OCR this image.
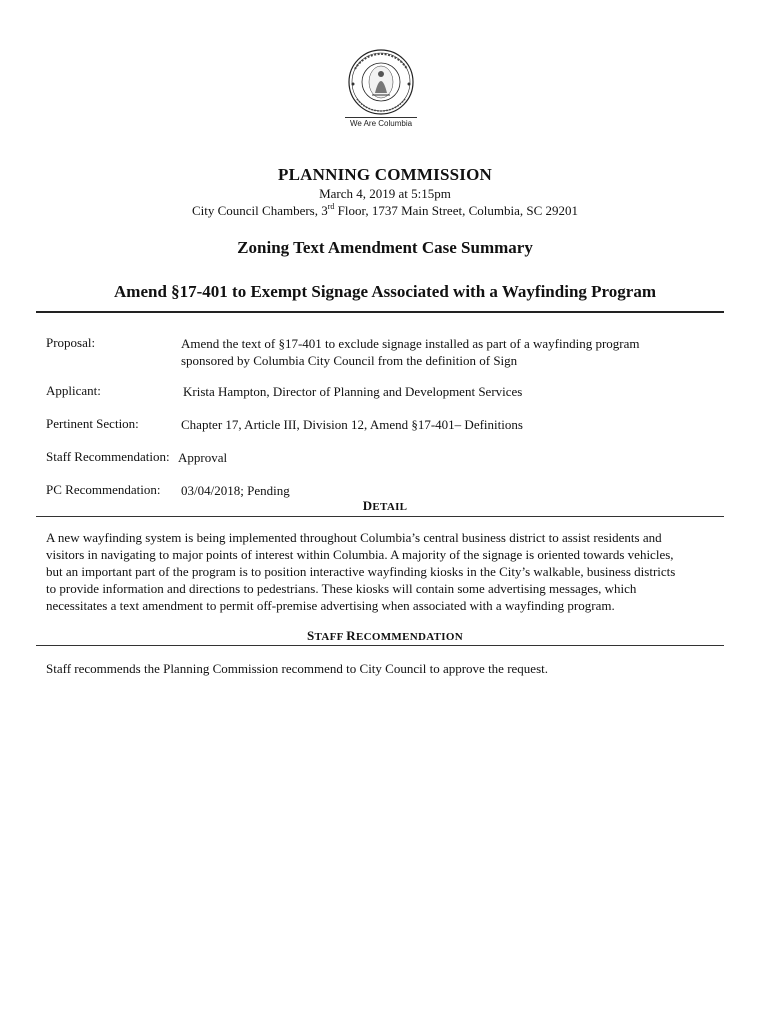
We Are Columbia
PLANNING COMMISSION
March 4, 2019 at 5:15pm
City Council Chambers, 3rd Floor, 1737 Main Street, Columbia, SC 29201
Zoning Text Amendment Case Summary
Amend §17-401 to Exempt Signage Associated with a Wayfinding Program
Proposal:	Amend the text of §17-401 to exclude signage installed as part of a wayfinding program
sponsored by Columbia City Council from the definition of Sign
Applicant:	Krista Hampton, Director of Planning and Development Services
Pertinent Section:	Chapter 17, Article III, Division 12, Amend §17-401– Definitions
Staff Recommendation: Approval
PC Recommendation: 03/04/2018; Pending
DETAIL
A new wayfinding system is being implemented throughout Columbia’s central business district to assist residents and
visitors in navigating to major points of interest within Columbia. A majority of the signage is oriented towards vehicles,
but an important part of the program is to position interactive wayfinding kiosks in the City’s walkable, business districts
to provide information and directions to pedestrians. These kiosks will contain some advertising messages, which
necessitates a text amendment to permit off-premise advertising when associated with a wayfinding program.
STAFF RECOMMENDATION
Staff recommends the Planning Commission recommend to City Council to approve the request.
